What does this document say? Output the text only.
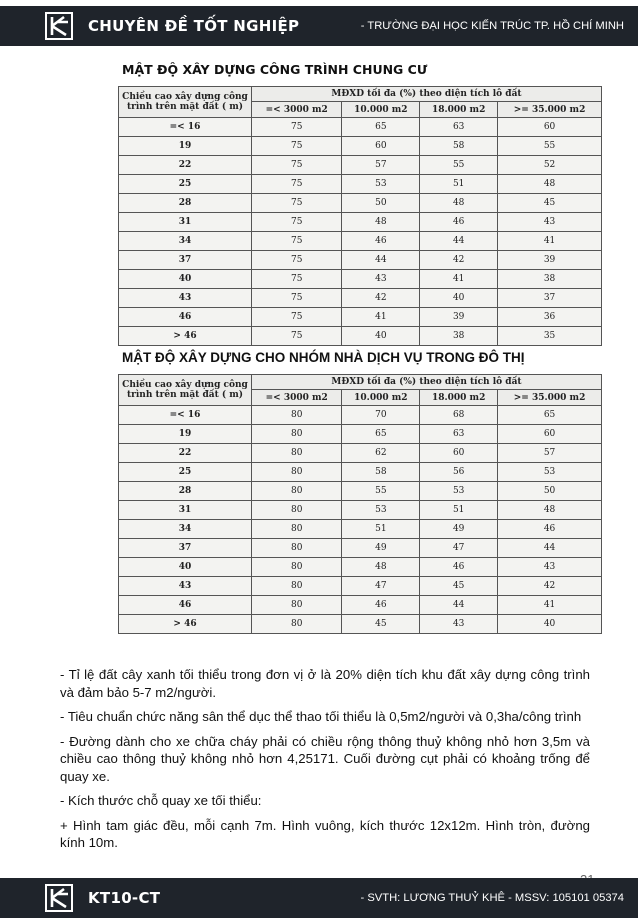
CHUYÊN ĐỀ TỐT NGHIỆP	- TRƯỜNG ĐẠI HỌC KIẾN TRÚC TP. HỒ CHÍ MINH
MẬT ĐỘ XÂY DỰNG CÔNG TRÌNH CHUNG CƯ
Chiều cao xây dựng công trình trên mặt đất ( m)	MĐXD tối đa (%) theo diện tích lô đất			
	=< 3000 m2	10.000 m2	18.000 m2	>= 35.000 m2
=< 16	75	65	63	60
19	75	60	58	55
22	75	57	55	52
25	75	53	51	48
28	75	50	48	45
31	75	48	46	43
34	75	46	44	41
37	75	44	42	39
40	75	43	41	38
43	75	42	40	37
46	75	41	39	36
> 46	75	40	38	35
MẬT ĐỘ XÂY DỰNG CHO NHÓM NHÀ DỊCH VỤ TRONG ĐÔ THỊ
Chiều cao xây dựng công trình trên mặt đất ( m)	MĐXD tối đa (%) theo diện tích lô đất			
	=< 3000 m2	10.000 m2	18.000 m2	>= 35.000 m2
=< 16	80	70	68	65
19	80	65	63	60
22	80	62	60	57
25	80	58	56	53
28	80	55	53	50
31	80	53	51	48
34	80	51	49	46
37	80	49	47	44
40	80	48	46	43
43	80	47	45	42
46	80	46	44	41
> 46	80	45	43	40

- Tỉ lệ đất cây xanh tối thiểu trong đơn vị ở là 20% diện tích khu đất xây dựng công trình và đảm bảo 5-7 m2/người.

- Tiêu chuẩn chức năng sân thể dục thể thao tối thiểu là 0,5m2/người và 0,3ha/công trình

- Đường dành cho xe chữa cháy phải có chiều rộng thông thuỷ không nhỏ hơn 3,5m và chiều cao thông thuỷ không nhỏ hơn 4,25171. Cuối đường cụt phải có khoảng trống để quay xe.

- Kích thước chỗ quay xe tối thiểu:

+ Hình tam giác đều, mỗi cạnh 7m. Hình vuông, kích thước 12x12m. Hình tròn, đường kính 10m.

KT10-CT	- SVTH: LƯƠNG THUỶ KHÊ - MSSV: 105101 05374
